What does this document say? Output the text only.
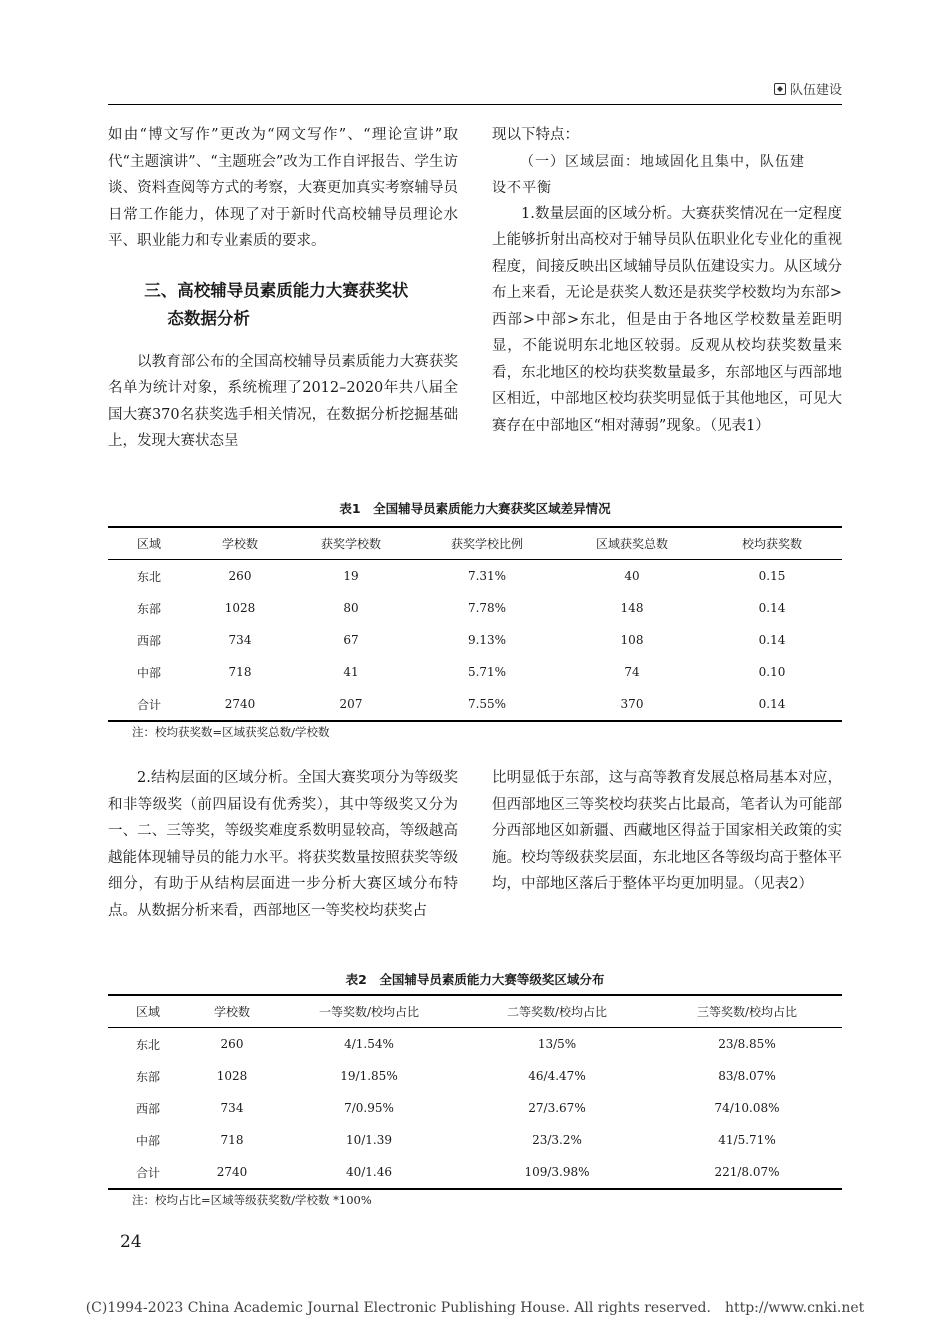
队伍建设

如由“博文写作”更改为“网文写作”、“理论宣讲”取代“主题演讲”、“主题班会”改为工作自评报告、学生访谈、资料查阅等方式的考察，大赛更加真实考察辅导员日常工作能力，体现了对于新时代高校辅导员理论水平、职业能力和专业素质的要求。

三、高校辅导员素质能力大赛获奖状
态数据分析

以教育部公布的全国高校辅导员素质能力大赛获奖名单为统计对象，系统梳理了2012–2020年共八届全国大赛370名获奖选手相关情况，在数据分析挖掘基础上，发现大赛状态呈

现以下特点：

（一）区域层面：地域固化且集中，队伍建
设不平衡

1.数量层面的区域分析。大赛获奖情况在一定程度上能够折射出高校对于辅导员队伍职业化专业化的重视程度，间接反映出区域辅导员队伍建设实力。从区域分布上来看，无论是获奖人数还是获奖学校数均为东部>西部>中部>东北，但是由于各地区学校数量差距明显，不能说明东北地区较弱。反观从校均获奖数量来看，东北地区的校均获奖数量最多，东部地区与西部地区相近，中部地区校均获奖明显低于其他地区，可见大赛存在中部地区“相对薄弱”现象。（见表1）

表1　全国辅导员素质能力大赛获奖区域差异情况
区域	学校数	获奖学校数	获奖学校比例	区域获奖总数	校均获奖数
东北	260	19	7.31%	40	0.15
东部	1028	80	7.78%	148	0.14
西部	734	67	9.13%	108	0.14
中部	718	41	5.71%	74	0.10
合计	2740	207	7.55%	370	0.14
注：校均获奖数=区域获奖总数/学校数

2.结构层面的区域分析。全国大赛奖项分为等级奖和非等级奖（前四届设有优秀奖），其中等级奖又分为一、二、三等奖，等级奖难度系数明显较高，等级越高越能体现辅导员的能力水平。将获奖数量按照获奖等级细分，有助于从结构层面进一步分析大赛区域分布特点。从数据分析来看，西部地区一等奖校均获奖占

比明显低于东部，这与高等教育发展总格局基本对应，但西部地区三等奖校均获奖占比最高，笔者认为可能部分西部地区如新疆、西藏地区得益于国家相关政策的实施。校均等级获奖层面，东北地区各等级均高于整体平均，中部地区落后于整体平均更加明显。（见表2）

表2　全国辅导员素质能力大赛等级奖区域分布
区域	学校数	一等奖数/校均占比	二等奖数/校均占比	三等奖数/校均占比
东北	260	4/1.54%	13/5%	23/8.85%
东部	1028	19/1.85%	46/4.47%	83/8.07%
西部	734	7/0.95%	27/3.67%	74/10.08%
中部	718	10/1.39	23/3.2%	41/5.71%
合计	2740	40/1.46	109/3.98%	221/8.07%
注：校均占比=区域等级获奖数/学校数 *100%
24
(C)1994-2023 China Academic Journal Electronic Publishing House. All rights reserved.　http://www.cnki.net
